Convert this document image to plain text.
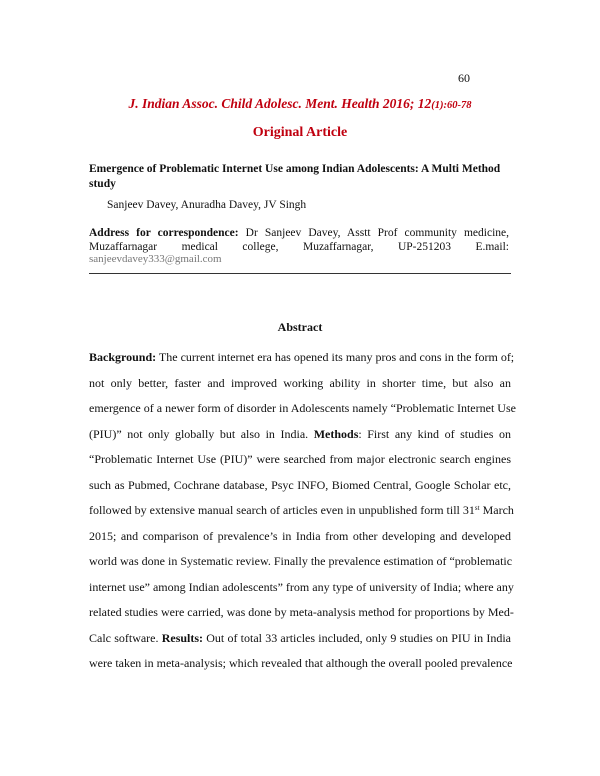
60
J. Indian Assoc. Child Adolesc. Ment. Health 2016; 12(1):60-78
Original Article
Emergence of Problematic Internet Use among Indian Adolescents: A Multi Method study
Sanjeev Davey, Anuradha Davey, JV Singh
Address for correspondence: Dr Sanjeev Davey, Asstt Prof community medicine, Muzaffarnagar medical college, Muzaffarnagar, UP-251203 E.mail:
sanjeevdavey333@gmail.com
Abstract
Background: The current internet era has opened its many pros and cons in the form of;
not only better, faster and improved working ability in shorter time, but also an
emergence of a newer form of disorder in Adolescents namely “Problematic Internet Use
(PIU)” not only globally but also in India. Methods: First any kind of studies on
“Problematic Internet Use (PIU)” were searched from major electronic search engines
such as Pubmed, Cochrane database, Psyc INFO, Biomed Central, Google Scholar etc,
followed by extensive manual search of articles even in unpublished form till 31st March
2015; and comparison of prevalence’s in India from other developing and developed
world was done in Systematic review. Finally the prevalence estimation of “problematic
internet use” among Indian adolescents” from any type of university of India; where any
related studies were carried, was done by meta-analysis method for proportions by Med-
Calc software. Results: Out of total 33 articles included, only 9 studies on PIU in India
were taken in meta-analysis; which revealed that although the overall pooled prevalence
